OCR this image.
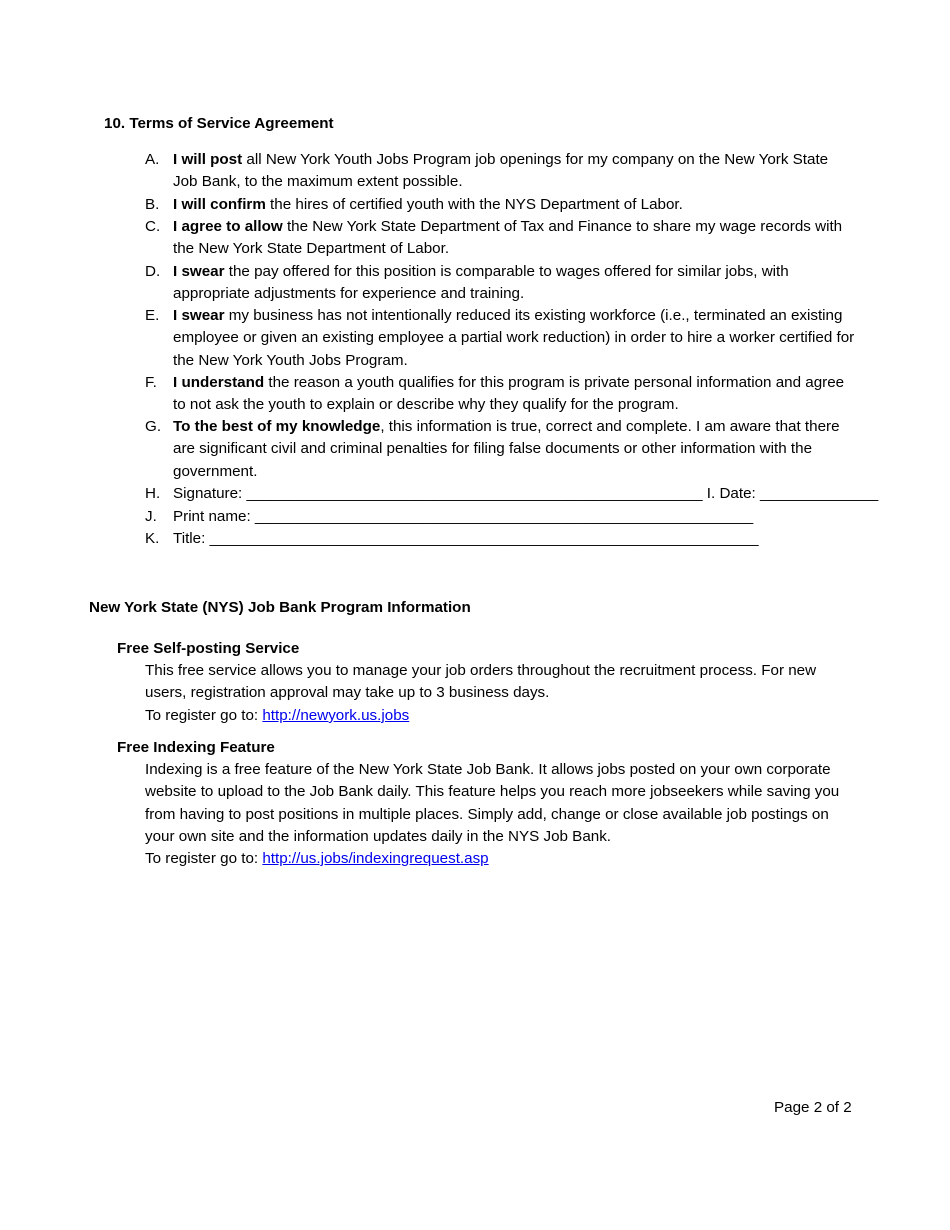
10. Terms of Service Agreement
A. I will post all New York Youth Jobs Program job openings for my company on the New York State Job Bank, to the maximum extent possible.
B. I will confirm the hires of certified youth with the NYS Department of Labor.
C. I agree to allow the New York State Department of Tax and Finance to share my wage records with the New York State Department of Labor.
D. I swear the pay offered for this position is comparable to wages offered for similar jobs, with appropriate adjustments for experience and training.
E. I swear my business has not intentionally reduced its existing workforce (i.e., terminated an existing employee or given an existing employee a partial work reduction) in order to hire a worker certified for the New York Youth Jobs Program.
F.	I understand the reason a youth qualifies for this program is private personal information and agree to not ask the youth to explain or describe why they qualify for the program.
G. To the best of my knowledge, this information is true, correct and complete. I am aware that there are significant civil and criminal penalties for filing false documents or other information with the government.
H. Signature: ______________________________________________________ I. Date: ______________
J.	Print name: ___________________________________________________________
K. Title: _________________________________________________________________
New York State (NYS) Job Bank Program Information
Free Self-posting Service
This free service allows you to manage your job orders throughout the recruitment process. For new users, registration approval may take up to 3 business days.
To register go to: http://newyork.us.jobs
Free Indexing Feature
Indexing is a free feature of the New York State Job Bank. It allows jobs posted on your own corporate website to upload to the Job Bank daily. This feature helps you reach more jobseekers while saving you from having to post positions in multiple places. Simply add, change or close available job postings on your own site and the information updates daily in the NYS Job Bank.
To register go to: http://us.jobs/indexingrequest.asp
Page 2 of 2
